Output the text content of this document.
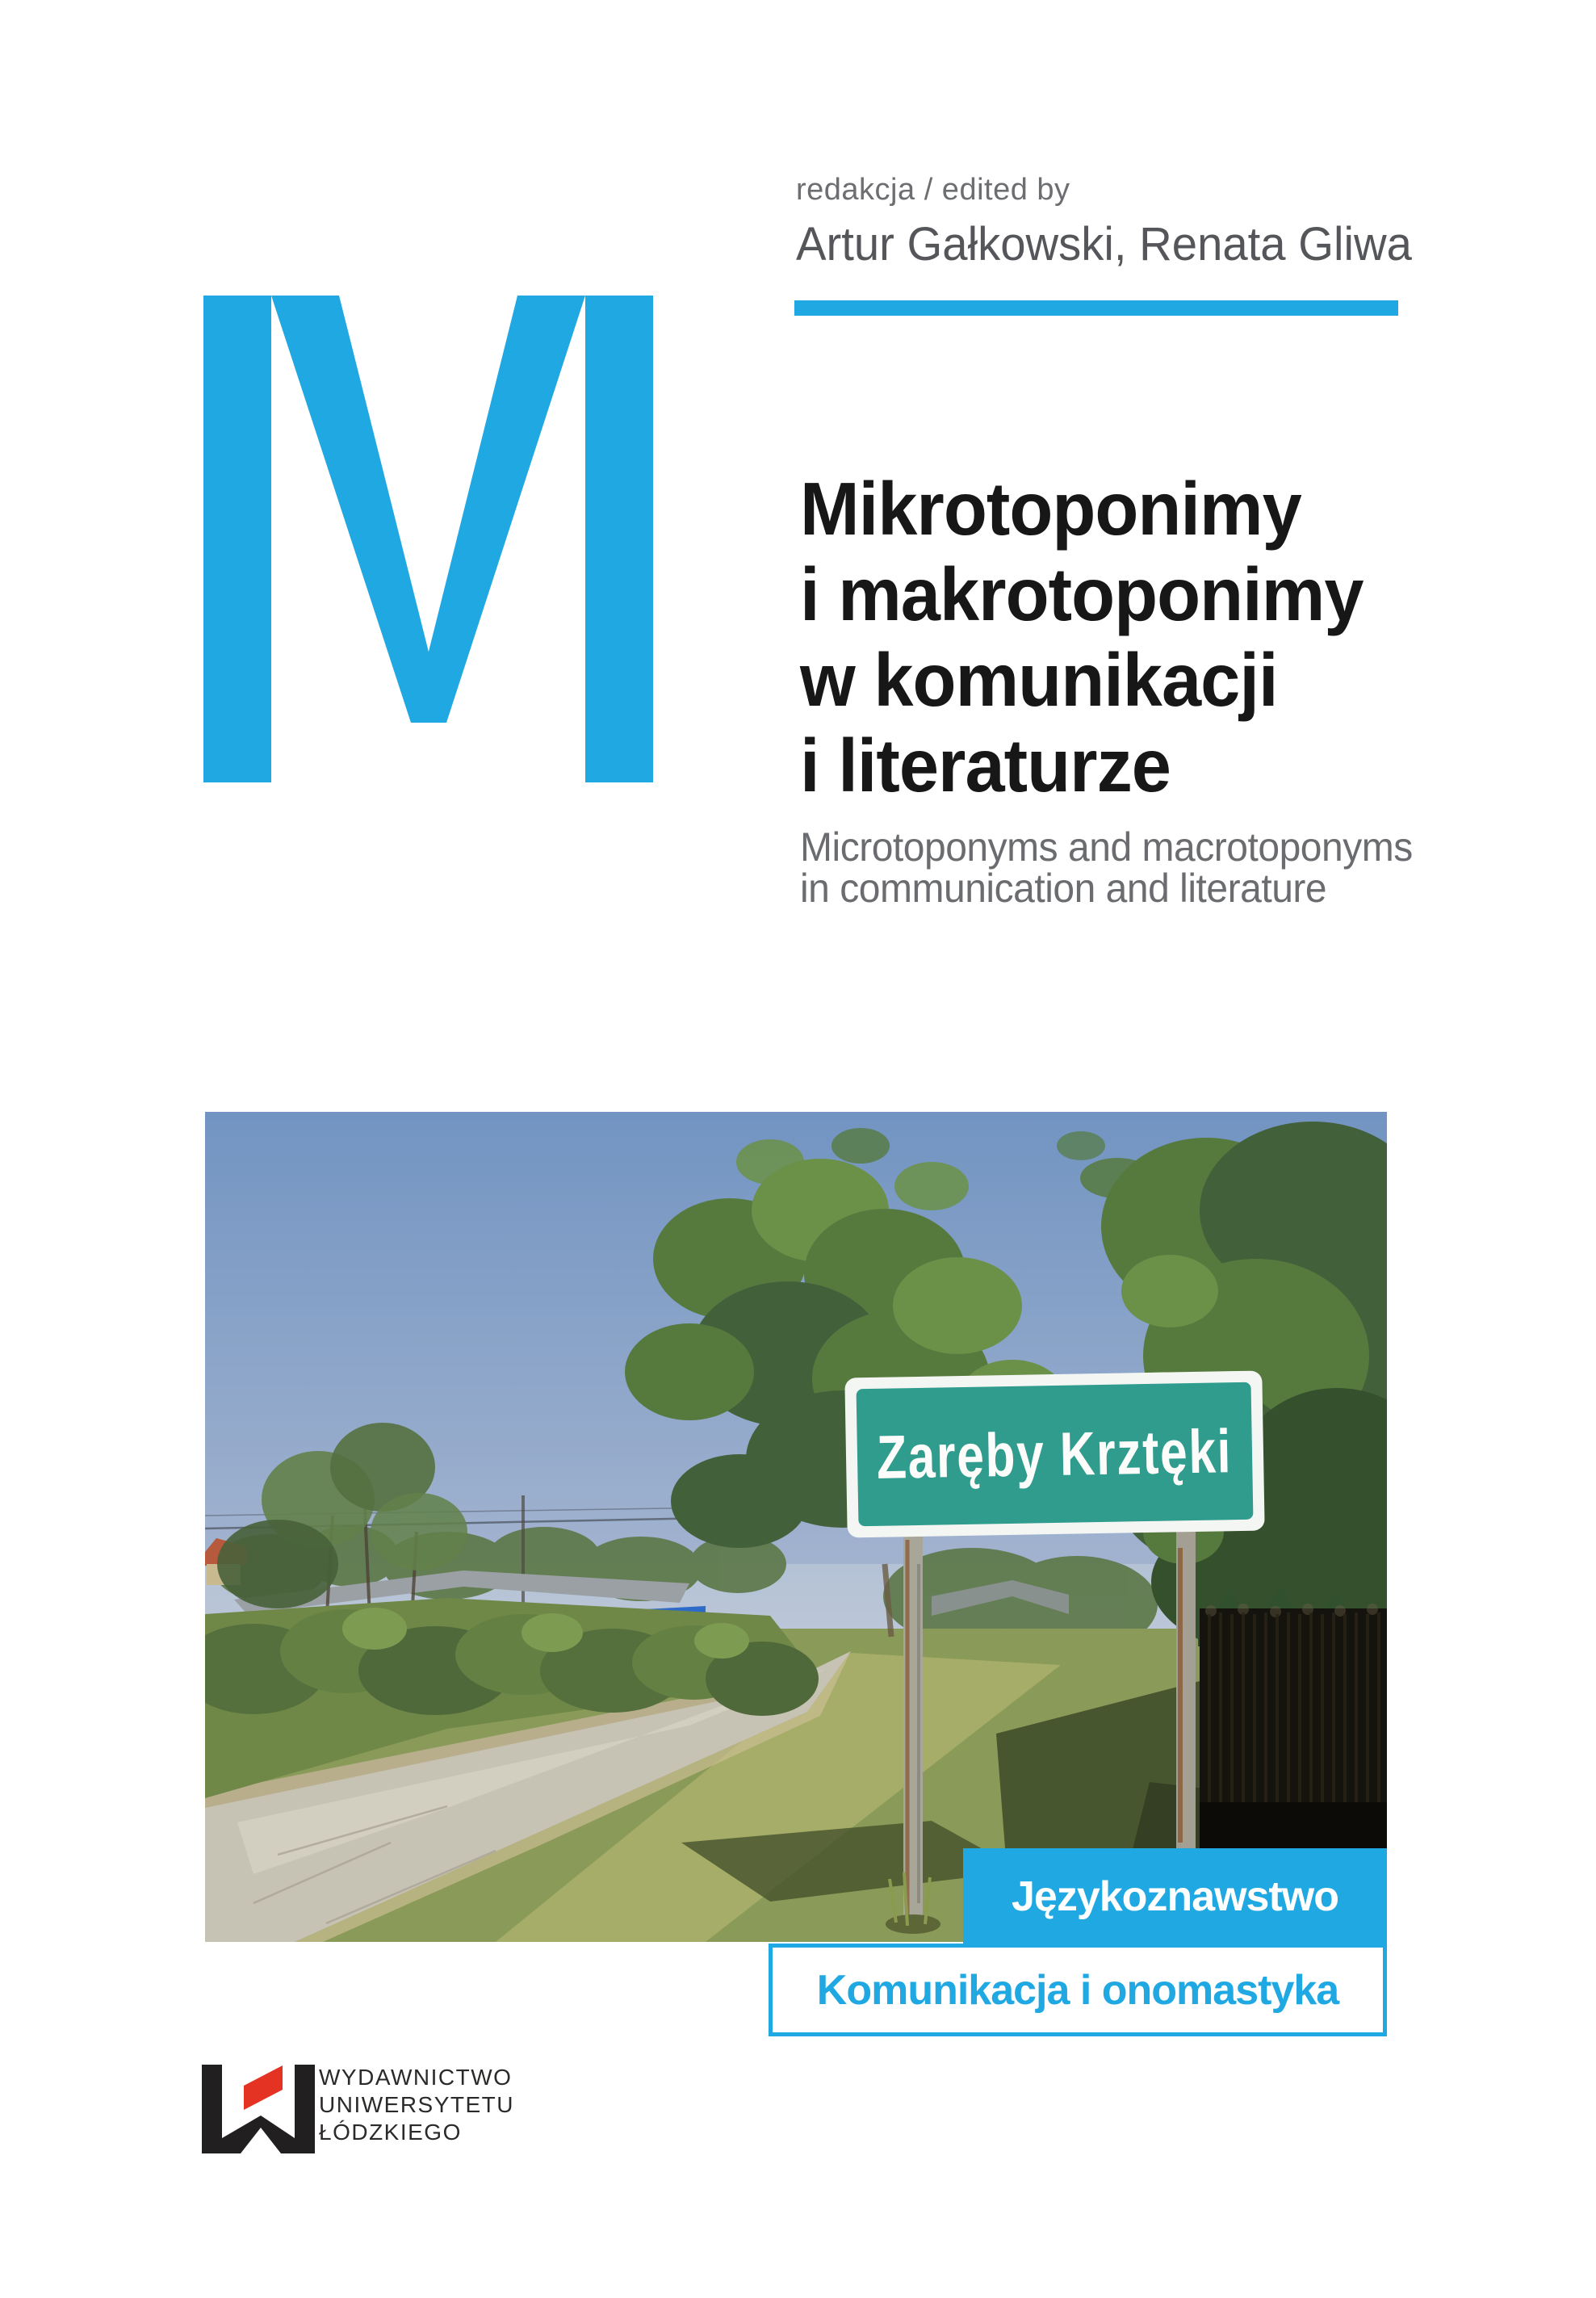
redakcja / edited by
Artur Gałkowski, Renata Gliwa
Mikrotoponimy
i makrotoponimy
w komunikacji
i literaturze
Microtoponyms and macrotoponyms
in communication and literature
Zaręby Krztęki
Językoznawstwo
Komunikacja i onomastyka
WYDAWNICTWO
UNIWERSYTETU
ŁÓDZKIEGO
